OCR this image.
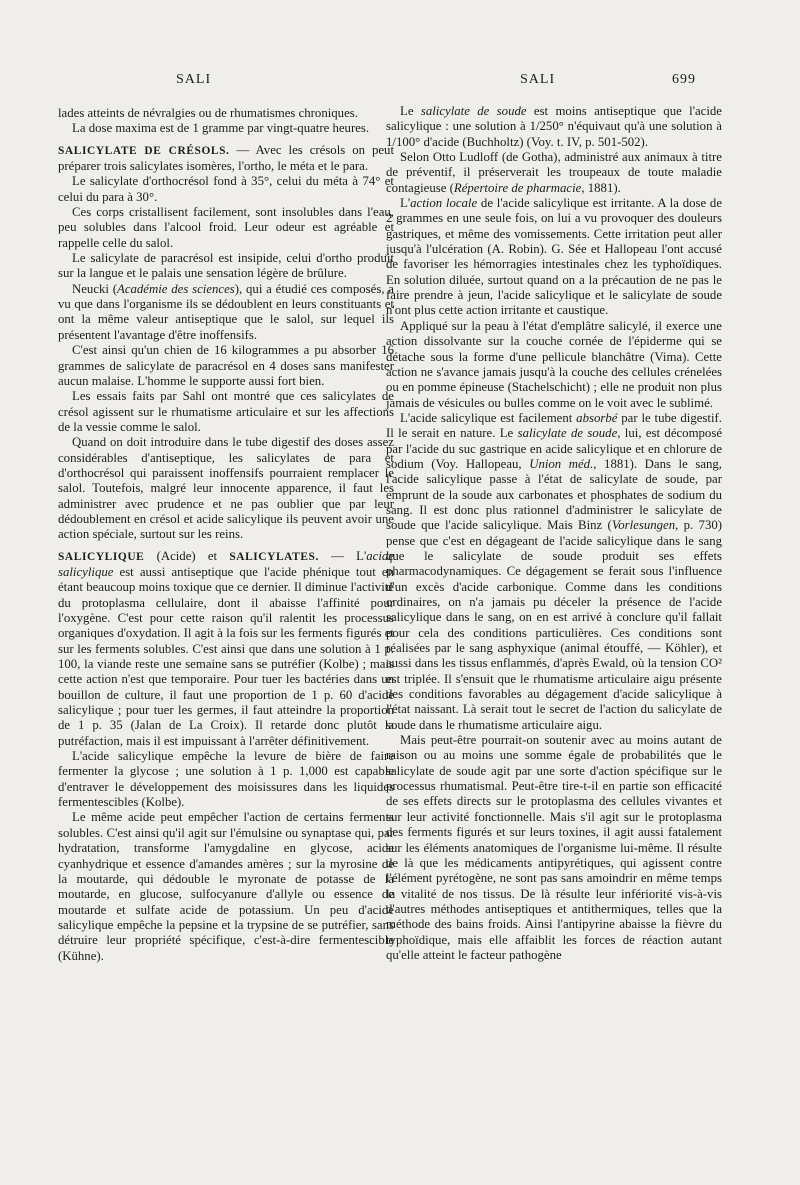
SALI	SALI	699

lades atteints de névralgies ou de rhumatismes chroniques.

La dose maxima est de 1 gramme par vingt-quatre heures.

SALICYLATE DE CRÉSOLS. — Avec les crésols on peut préparer trois salicylates isomères, l'ortho, le méta et le para.

Le salicylate d'orthocrésol fond à 35°, celui du méta à 74° et celui du para à 30°.

Ces corps cristallisent facilement, sont insolubles dans l'eau, peu solubles dans l'alcool froid. Leur odeur est agréable et rappelle celle du salol.

Le salicylate de paracrésol est insipide, celui d'ortho produit sur la langue et le palais une sensation légère de brûlure.

Neucki (Académie des sciences), qui a étudié ces composés, a vu que dans l'organisme ils se dédoublent en leurs constituants et ont la même valeur antiseptique que le salol, sur lequel ils présentent l'avantage d'être inoffensifs.

C'est ainsi qu'un chien de 16 kilogrammes a pu absorber 16 grammes de salicylate de paracrésol en 4 doses sans manifester aucun malaise. L'homme le supporte aussi fort bien.

Les essais faits par Sahl ont montré que ces salicylates de crésol agissent sur le rhumatisme articulaire et sur les affections de la vessie comme le salol.

Quand on doit introduire dans le tube digestif des doses assez considérables d'antiseptique, les salicylates de para et d'orthocrésol qui paraissent inoffensifs pourraient remplacer le salol. Toutefois, malgré leur innocente apparence, il faut les administrer avec prudence et ne pas oublier que par leur dédoublement en crésol et acide salicylique ils peuvent avoir une action spéciale, surtout sur les reins.

SALICYLIQUE (Acide) et SALICYLATES. — L'acide salicylique est aussi antiseptique que l'acide phénique tout en étant beaucoup moins toxique que ce dernier. Il diminue l'activité du protoplasma cellulaire, dont il abaisse l'affinité pour l'oxygène. C'est pour cette raison qu'il ralentit les processus organiques d'oxydation. Il agit à la fois sur les ferments figurés et sur les ferments solubles. C'est ainsi que dans une solution à 1 p. 100, la viande reste une semaine sans se putréfier (Kolbe) ; mais cette action n'est que temporaire. Pour tuer les bactéries dans un bouillon de culture, il faut une proportion de 1 p. 60 d'acide salicylique ; pour tuer les germes, il faut atteindre la proportion de 1 p. 35 (Jalan de La Croix). Il retarde donc plutôt la putréfaction, mais il est impuissant à l'arrêter définitivement.

L'acide salicylique empêche la levure de bière de faire fermenter la glycose ; une solution à 1 p. 1,000 est capable d'entraver le développement des moisissures dans les liquides fermentescibles (Kolbe).

Le même acide peut empêcher l'action de certains ferments solubles. C'est ainsi qu'il agit sur l'émulsine ou synaptase qui, par hydratation, transforme l'amygdaline en glycose, acide cyanhydrique et essence d'amandes amères ; sur la myrosine de la moutarde, qui dédouble le myronate de potasse de la moutarde, en glucose, sulfocyanure d'allyle ou essence de moutarde et sulfate acide de potassium. Un peu d'acide salicylique empêche la pepsine et la trypsine de se putréfier, sans détruire leur propriété spécifique, c'est-à-dire fermentescible (Kühne).

Le salicylate de soude est moins antiseptique que l'acide salicylique : une solution à 1/250° n'équivaut qu'à une solution à 1/100° d'acide (Buchholtz) (Voy. t. IV, p. 501-502).

Selon Otto Ludloff (de Gotha), administré aux animaux à titre de préventif, il préserverait les troupeaux de toute maladie contagieuse (Répertoire de pharmacie, 1881).

L'action locale de l'acide salicylique est irritante. A la dose de 2 grammes en une seule fois, on lui a vu provoquer des douleurs gastriques, et même des vomissements. Cette irritation peut aller jusqu'à l'ulcération (A. Robin). G. Sée et Hallopeau l'ont accusé de favoriser les hémorragies intestinales chez les typhoïdiques. En solution diluée, surtout quand on a la précaution de ne pas le faire prendre à jeun, l'acide salicylique et le salicylate de soude n'ont plus cette action irritante et caustique.

Appliqué sur la peau à l'état d'emplâtre salicylé, il exerce une action dissolvante sur la couche cornée de l'épiderme qui se détache sous la forme d'une pellicule blanchâtre (Vima). Cette action ne s'avance jamais jusqu'à la couche des cellules crénelées ou en pomme épineuse (Stachelschicht) ; elle ne produit non plus jamais de vésicules ou bulles comme on le voit avec le sublimé.

L'acide salicylique est facilement absorbé par le tube digestif. Il le serait en nature. Le salicylate de soude, lui, est décomposé par l'acide du suc gastrique en acide salicylique et en chlorure de sodium (Voy. Hallopeau, Union méd., 1881). Dans le sang, l'acide salicylique passe à l'état de salicylate de soude, par emprunt de la soude aux carbonates et phosphates de sodium du sang. Il est donc plus rationnel d'administrer le salicylate de soude que l'acide salicylique. Mais Binz (Vorlesungen, p. 730) pense que c'est en dégageant de l'acide salicylique dans le sang que le salicylate de soude produit ses effets pharmacodynamiques. Ce dégagement se ferait sous l'influence d'un excès d'acide carbonique. Comme dans les conditions ordinaires, on n'a jamais pu déceler la présence de l'acide salicylique dans le sang, on en est arrivé à conclure qu'il fallait pour cela des conditions particulières. Ces conditions sont réalisées par le sang asphyxique (animal étouffé, — Köhler), et aussi dans les tissus enflammés, d'après Ewald, où la tension CO² est triplée. Il s'ensuit que le rhumatisme articulaire aigu présente des conditions favorables au dégagement d'acide salicylique à l'état naissant. Là serait tout le secret de l'action du salicylate de soude dans le rhumatisme articulaire aigu.

Mais peut-être pourrait-on soutenir avec au moins autant de raison ou au moins une somme égale de probabilités que le salicylate de soude agit par une sorte d'action spécifique sur le processus rhumatismal. Peut-être tire-t-il en partie son efficacité de ses effets directs sur le protoplasma des cellules vivantes et sur leur activité fonctionnelle. Mais s'il agit sur le protoplasma des ferments figurés et sur leurs toxines, il agit aussi fatalement sur les éléments anatomiques de l'organisme lui-même. Il résulte de là que les médicaments antipyrétiques, qui agissent contre l'élément pyrétogène, ne sont pas sans amoindrir en même temps la vitalité de nos tissus. De là résulte leur infériorité vis-à-vis d'autres méthodes antiseptiques et antithermiques, telles que la méthode des bains froids. Ainsi l'antipyrine abaisse la fièvre du typhoïdique, mais elle affaiblit les forces de réaction autant qu'elle atteint le facteur pathogène
